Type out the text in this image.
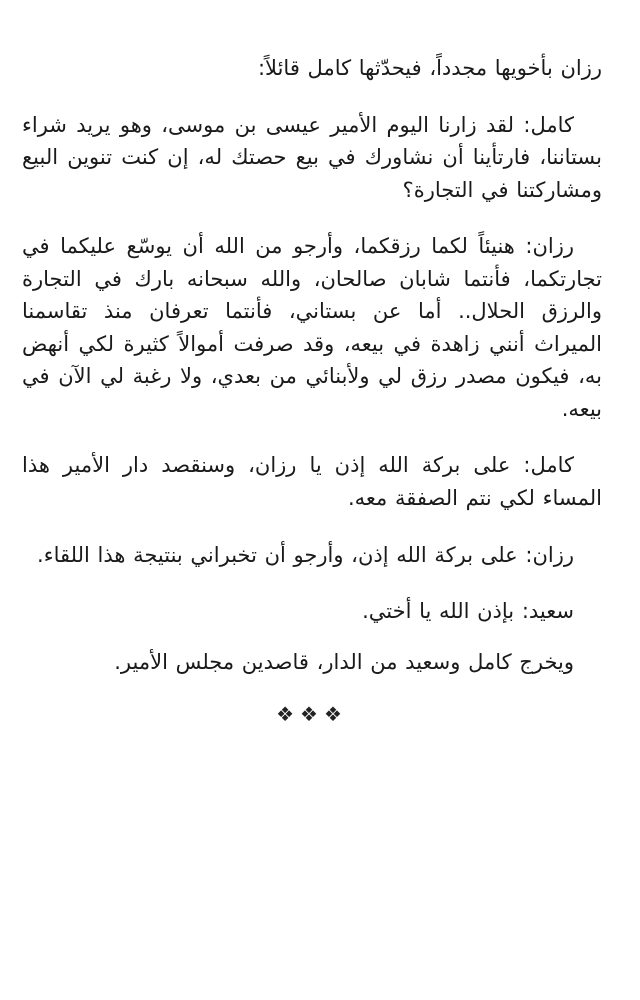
رزان بأخويها مجدداً، فيحدّثها كامل قائلاً:

كامل: لقد زارنا اليوم الأمير عيسى بن موسى، وهو يريد شراء بستاننا، فارتأينا أن نشاورك في بيع حصتك له، إن كنت تنوين البيع ومشاركتنا في التجارة؟

رزان: هنيئاً لكما رزقكما، وأرجو من الله أن يوسّع عليكما في تجارتكما، فأنتما شابان صالحان، والله سبحانه بارك في التجارة والرزق الحلال.. أما عن بستاني، فأنتما تعرفان منذ تقاسمنا الميراث أنني زاهدة في بيعه، وقد صرفت أموالاً كثيرة لكي أنهض به، فيكون مصدر رزق لي ولأبنائي من بعدي، ولا رغبة لي الآن في بيعه.

كامل: على بركة الله إذن يا رزان، وسنقصد دار الأمير هذا المساء لكي نتم الصفقة معه.

رزان: على بركة الله إذن، وأرجو أن تخبراني بنتيجة هذا اللقاء.

سعيد: بإذن الله يا أختي.

ويخرج كامل وسعيد من الدار، قاصدين مجلس الأمير.

❖❖❖
